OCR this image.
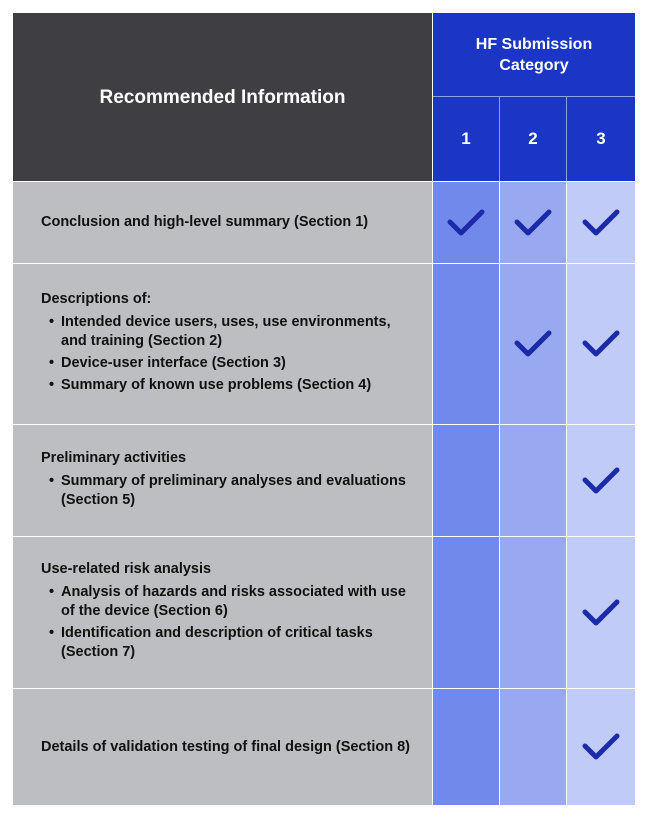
Recommended Information
HF Submission Category
1	2	3

Conclusion and high-level summary (Section 1)

Descriptions of:

• Intended device users, uses, use environments, and training (Section 2)
• Device-user interface (Section 3)
• Summary of known use problems (Section 4)

Preliminary activities

• Summary of preliminary analyses and evaluations (Section 5)

Use-related risk analysis

• Analysis of hazards and risks associated with use of the device (Section 6)
• Identification and description of critical tasks (Section 7)

Details of validation testing of final design (Section 8)
